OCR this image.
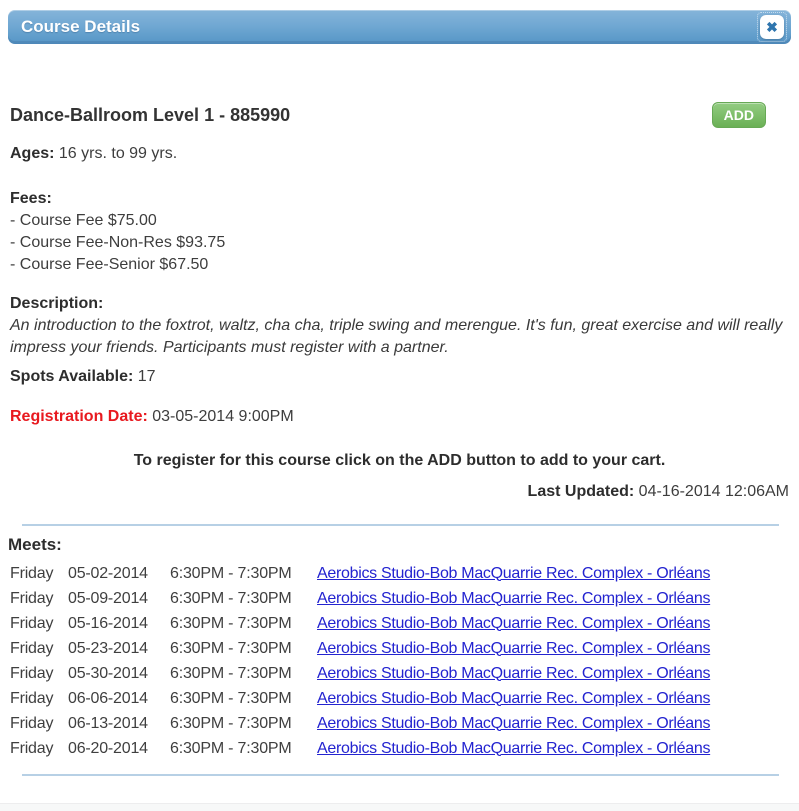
Course Details	✖
Dance-Ballroom Level 1 - 885990	ADD
Ages: 16 yrs. to 99 yrs.
Fees:
- Course Fee $75.00
- Course Fee-Non-Res $93.75
- Course Fee-Senior $67.50
Description:
An introduction to the foxtrot, waltz, cha cha, triple swing and merengue. It's fun, great exercise and will really impress your friends. Participants must register with a partner.
Spots Available: 17
Registration Date: 03-05-2014 9:00PM
To register for this course click on the ADD button to add to your cart.
Last Updated: 04-16-2014 12:06AM
Meets:
Friday 05-02-2014	6:30PM - 7:30PM	Aerobics Studio-Bob MacQuarrie Rec. Complex - Orléans
Friday 05-09-2014	6:30PM - 7:30PM	Aerobics Studio-Bob MacQuarrie Rec. Complex - Orléans
Friday 05-16-2014	6:30PM - 7:30PM	Aerobics Studio-Bob MacQuarrie Rec. Complex - Orléans
Friday 05-23-2014	6:30PM - 7:30PM	Aerobics Studio-Bob MacQuarrie Rec. Complex - Orléans
Friday 05-30-2014	6:30PM - 7:30PM	Aerobics Studio-Bob MacQuarrie Rec. Complex - Orléans
Friday 06-06-2014	6:30PM - 7:30PM	Aerobics Studio-Bob MacQuarrie Rec. Complex - Orléans
Friday 06-13-2014	6:30PM - 7:30PM	Aerobics Studio-Bob MacQuarrie Rec. Complex - Orléans
Friday 06-20-2014	6:30PM - 7:30PM	Aerobics Studio-Bob MacQuarrie Rec. Complex - Orléans
